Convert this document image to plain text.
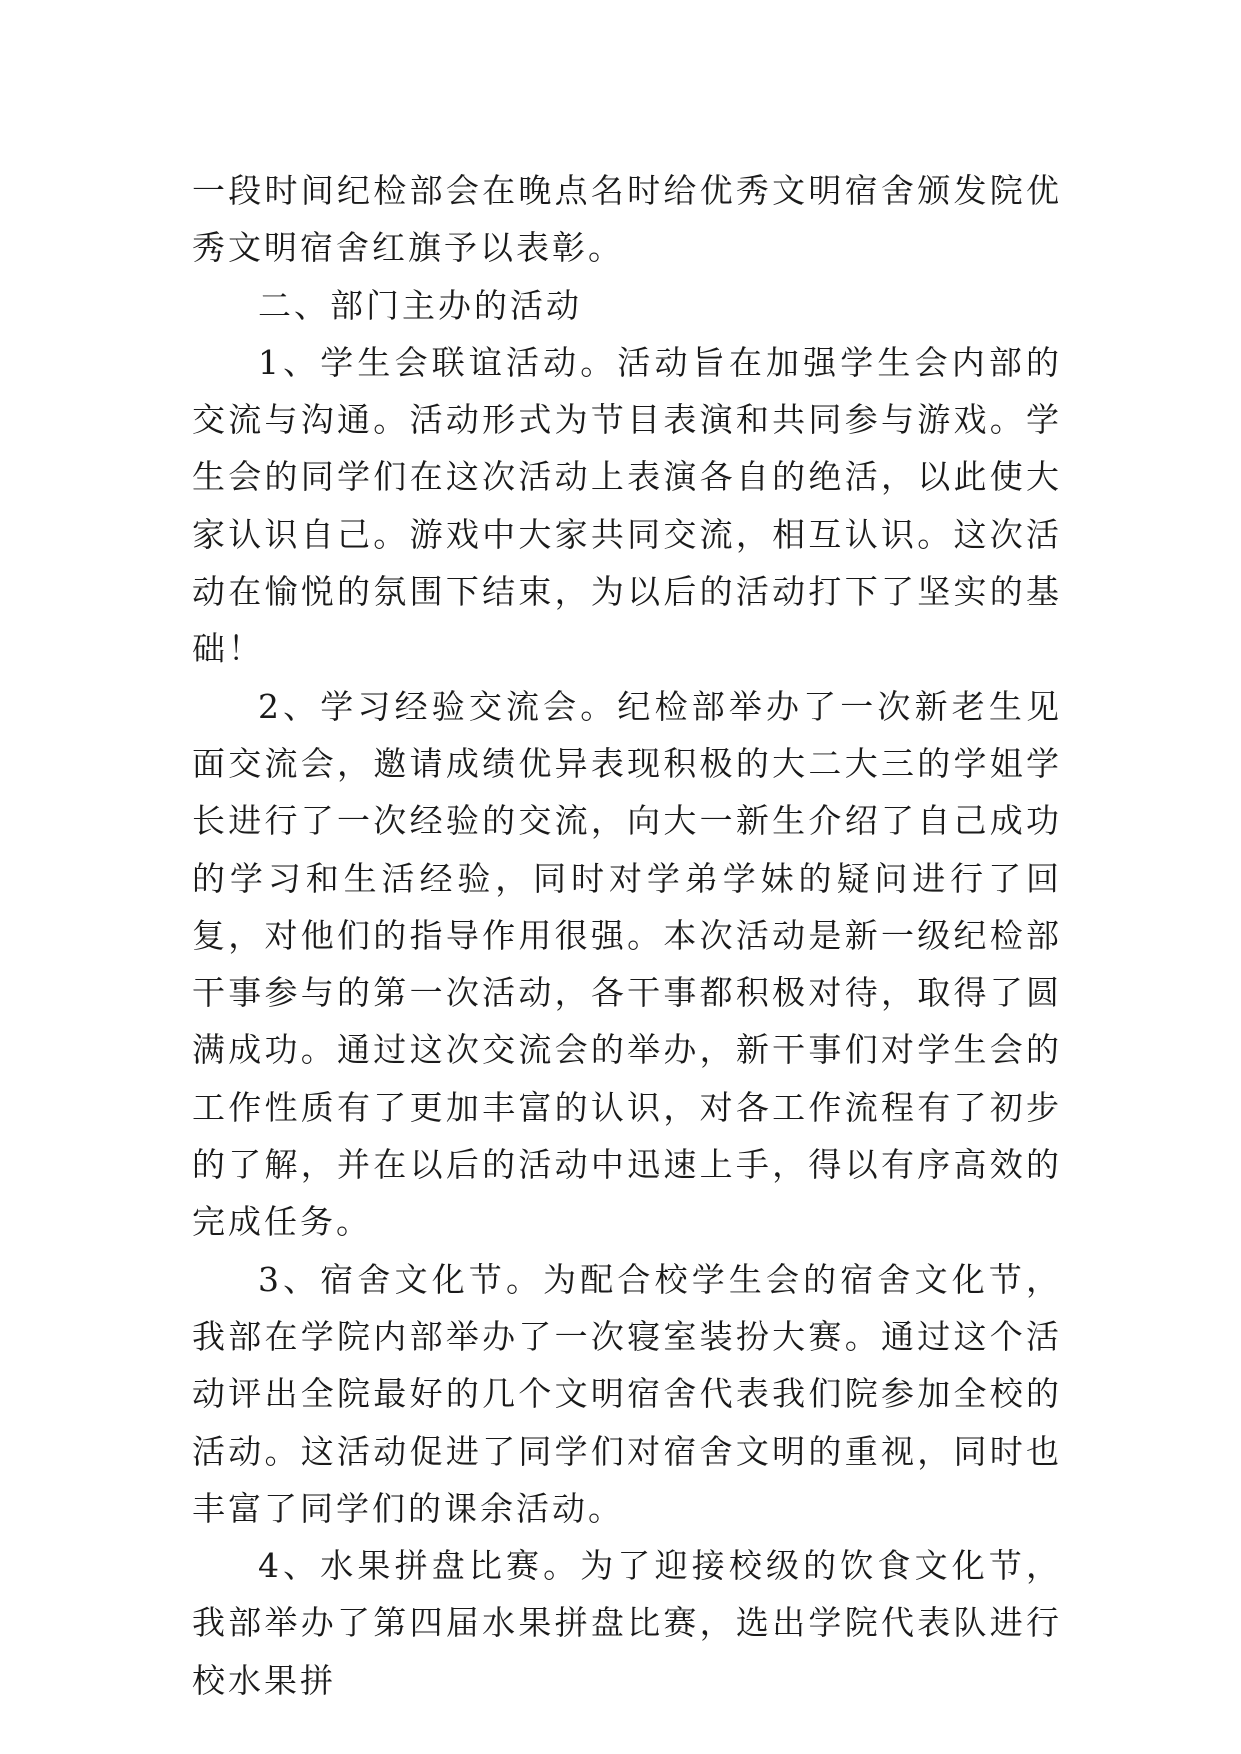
一段时间纪检部会在晚点名时给优秀文明宿舍颁发院优秀文明宿舍红旗予以表彰。

二、部门主办的活动

1、学生会联谊活动。活动旨在加强学生会内部的交流与沟通。活动形式为节目表演和共同参与游戏。学生会的同学们在这次活动上表演各自的绝活，以此使大家认识自己。游戏中大家共同交流，相互认识。这次活动在愉悦的氛围下结束，为以后的活动打下了坚实的基础！

2、学习经验交流会。纪检部举办了一次新老生见面交流会，邀请成绩优异表现积极的大二大三的学姐学长进行了一次经验的交流，向大一新生介绍了自己成功的学习和生活经验，同时对学弟学妹的疑问进行了回复，对他们的指导作用很强。本次活动是新一级纪检部干事参与的第一次活动，各干事都积极对待，取得了圆满成功。通过这次交流会的举办，新干事们对学生会的工作性质有了更加丰富的认识，对各工作流程有了初步的了解，并在以后的活动中迅速上手，得以有序高效的完成任务。

3、宿舍文化节。为配合校学生会的宿舍文化节，我部在学院内部举办了一次寝室装扮大赛。通过这个活动评出全院最好的几个文明宿舍代表我们院参加全校的活动。这活动促进了同学们对宿舍文明的重视，同时也丰富了同学们的课余活动。

4、水果拼盘比赛。为了迎接校级的饮食文化节，我部举办了第四届水果拼盘比赛，选出学院代表队进行校水果拼
